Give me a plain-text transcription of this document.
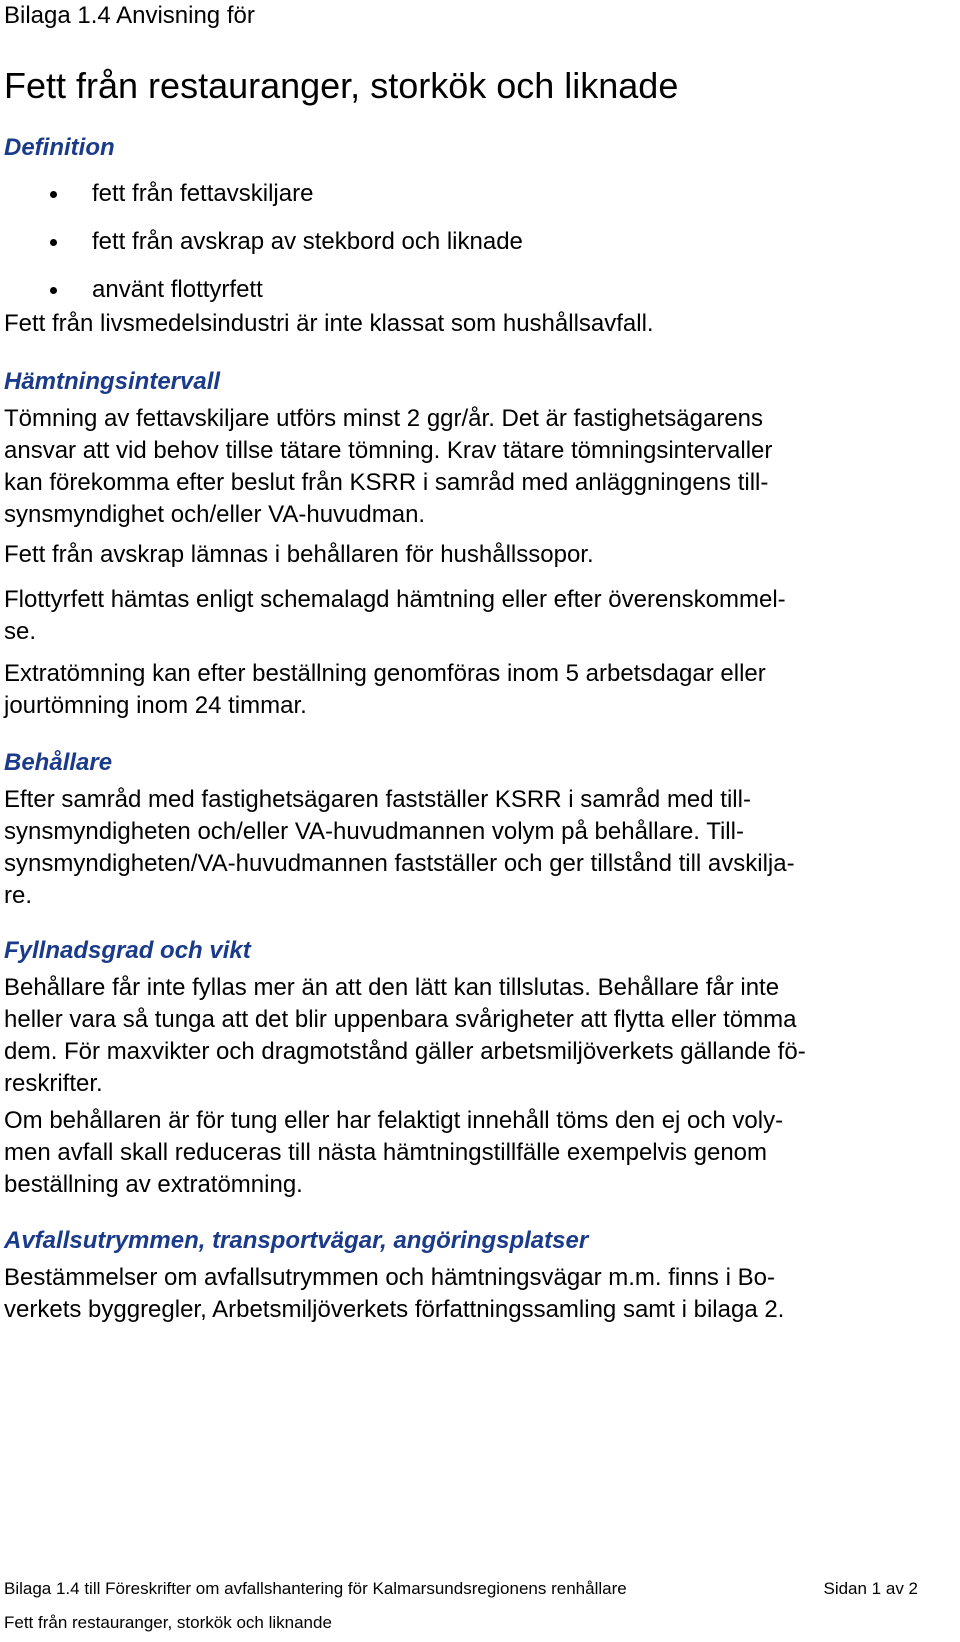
Bilaga 1.4 Anvisning för
Fett från restauranger, storkök och liknade
Definition
fett från fettavskiljare
fett från avskrap av stekbord och liknade
använt flottyrfett

Fett från livsmedelsindustri är inte klassat som hushållsavfall.

Hämtningsintervall

Tömning av fettavskiljare utförs minst 2 ggr/år. Det är fastighetsägarens
ansvar att vid behov tillse tätare tömning. Krav tätare tömningsintervaller
kan förekomma efter beslut från KSRR i samråd med anläggningens till-
synsmyndighet och/eller VA-huvudman.

Fett från avskrap lämnas i behållaren för hushållssopor.

Flottyrfett hämtas enligt schemalagd hämtning eller efter överenskommel-
se.

Extratömning kan efter beställning genomföras inom 5 arbetsdagar eller
jourtömning inom 24 timmar.

Behållare

Efter samråd med fastighetsägaren fastställer KSRR i samråd med till-
synsmyndigheten och/eller VA-huvudmannen volym på behållare. Till-
synsmyndigheten/VA-huvudmannen fastställer och ger tillstånd till avskilja-
re.

Fyllnadsgrad och vikt

Behållare får inte fyllas mer än att den lätt kan tillslutas. Behållare får inte
heller vara så tunga att det blir uppenbara svårigheter att flytta eller tömma
dem. För maxvikter och dragmotstånd gäller arbetsmiljöverkets gällande fö-
reskrifter.

Om behållaren är för tung eller har felaktigt innehåll töms den ej och voly-
men avfall skall reduceras till nästa hämtningstillfälle exempelvis genom
beställning av extratömning.

Avfallsutrymmen, transportvägar, angöringsplatser

Bestämmelser om avfallsutrymmen och hämtningsvägar m.m. finns i Bo-
verkets byggregler, Arbetsmiljöverkets författningssamling samt i bilaga 2.

Bilaga 1.4 till Föreskrifter om avfallshantering för Kalmarsundsregionens renhållare	Sidan 1 av 2
Fett från restauranger, storkök och liknande
